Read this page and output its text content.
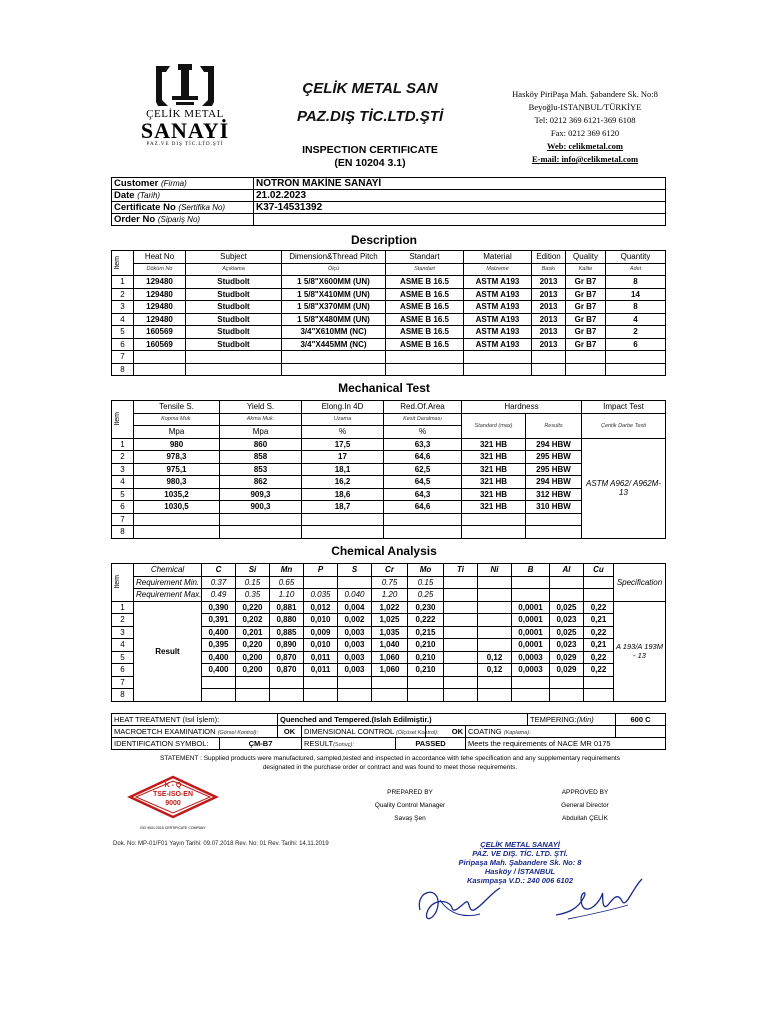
ÇELİK METAL
SANAYİ
PAZ.VE DIŞ TİC.LTD.ŞTİ
ÇELİK METAL SAN
PAZ.DIŞ TİC.LTD.ŞTİ
INSPECTION CERTIFICATE
(EN 10204 3.1)
Hasköy PiriPaşa Mah. Şabandere Sk. No:8
Beyoğlu-ISTANBUL/TÜRKİYE
Tel: 0212 369 6121-369 6108
Fax: 0212 369 6120
Web: celikmetal.com
E-mail: info@celikmetal.com
Customer (Firma)	NÖTRON MAKİNE SANAYİ
Date (Tarih)	21.02.2023
Certificate No (Sertifika No)	K37-14531392
Order No (Sipariş No)	
Description
Item	Heat No	Subject	Dimension&Thread Pitch	Standart	Material	Edition	Quality	Quantity
	Döküm No	Açıklama	Ölçü	Standart	Malzeme	Baskı	Kalite	Adet
1	129480	Studbolt	1 5/8"X600MM (UN)	ASME B 16.5	ASTM A193	2013	Gr B7	8
2	129480	Studbolt	1 5/8"X410MM (UN)	ASME B 16.5	ASTM A193	2013	Gr B7	14
3	129480	Studbolt	1 5/8"X370MM (UN)	ASME B 16.5	ASTM A193	2013	Gr B7	8
4	129480	Studbolt	1 5/8"X480MM (UN)	ASME B 16.5	ASTM A193	2013	Gr B7	4
5	160569	Studbolt	3/4"X610MM (NC)	ASME B 16.5	ASTM A193	2013	Gr B7	2
6	160569	Studbolt	3/4"X445MM (NC)	ASME B 16.5	ASTM A193	2013	Gr B7	6
7								
8								
Mechanical Test
Item	Tensile S.	Yield S.	Elong.In 4D	Red.Of.Area	Hardness		Impact Test	
	Kopma Muk.	Akma Muk.	Uzama	Kesit Daralması	Standard (max)	Results	Çentik Darbe Testi	
	Mpa	Mpa	%	%				
1	980	860	17,5	63,3	321 HB	294 HBW	ASTM A962/ A962M-13	
2	978,3	858	17	64,6	321 HB	295 HBW		
3	975,1	853	18,1	62,5	321 HB	295 HBW		
4	980,3	862	16,2	64,5	321 HB	294 HBW		
5	1035,2	909,3	18,6	64,3	321 HB	312 HBW		
6	1030,5	900,3	18,7	64,6	321 HB	310 HBW		
7								
8								
Chemical Analysis
Item	Chemical	C	Si	Mn	P	S	Cr	Mo	Ti	Ni	B	Al	Cu	Specification
	Requirement Min.	0.37	0.15	0.65			0.75	0.15						
	Requirement Max.	0.49	0.35	1.10	0.035	0.040	1.20	0.25						
1	Result	0,390	0,220	0,881	0,012	0,004	1,022	0,230			0,0001	0,025	0,22	A 193/A 193M - 13
2		0,391	0,202	0,880	0,010	0,002	1,025	0,222			0,0001	0,023	0,21	
3		0,400	0,201	0,885	0,009	0,003	1,035	0,215			0,0001	0,025	0,22	
4		0,395	0,220	0,890	0,010	0,003	1,040	0,210			0,0001	0,023	0,21	
5		0,400	0,200	0,870	0,011	0,003	1,060	0,210		0,12	0,0003	0,029	0,22	
6		0,400	0,200	0,870	0,011	0,003	1,060	0,210		0,12	0,0003	0,029	0,22	
7														
8														
HEAT TREATMENT (Isıl İşlem):		Quenched and Tempered.(Islah Edilmiştir.)					TEMPERING:(Min)	600 C
MACROETCH EXAMINATION (Görsel Kontrol):		OK	DIMENSIONAL CONTROL (Ölçüsel Kontrol):		OK	COATING (Kaplama):		
IDENTIFICATION SYMBOL:	ÇM-B7		RESULT(Sonuç):	PASSED		Meets the requirements of NACE MR 0175		
STATEMENT : Supplied products were manufactured, sampled,tested and inspected in accordance with tehe specification and any supplementary requirements
designated in the purchase order or contract and was found to meet those requirements.
K - Q
TSE-ISO-EN
9000
ISO 9001:2015 CERTIFICATE COMPANY
PREPARED BY
Quality Control Manager
Savaş Şen
APPROVED BY
General Director
Abdullah ÇELİK
Dok. No: MP-01/F01 Yayın Tarihi: 09.07.2018 Rev. No: 01 Rev. Tarihi: 14.11.2019	ÇELİK METAL SANAYİ
PAZ. VE DIŞ. TİC. LTD. ŞTİ.
Piripaşa Mah. Şabandere Sk. No: 8
Hasköy / İSTANBUL
Kasımpaşa V.D.: 240 006 6102
